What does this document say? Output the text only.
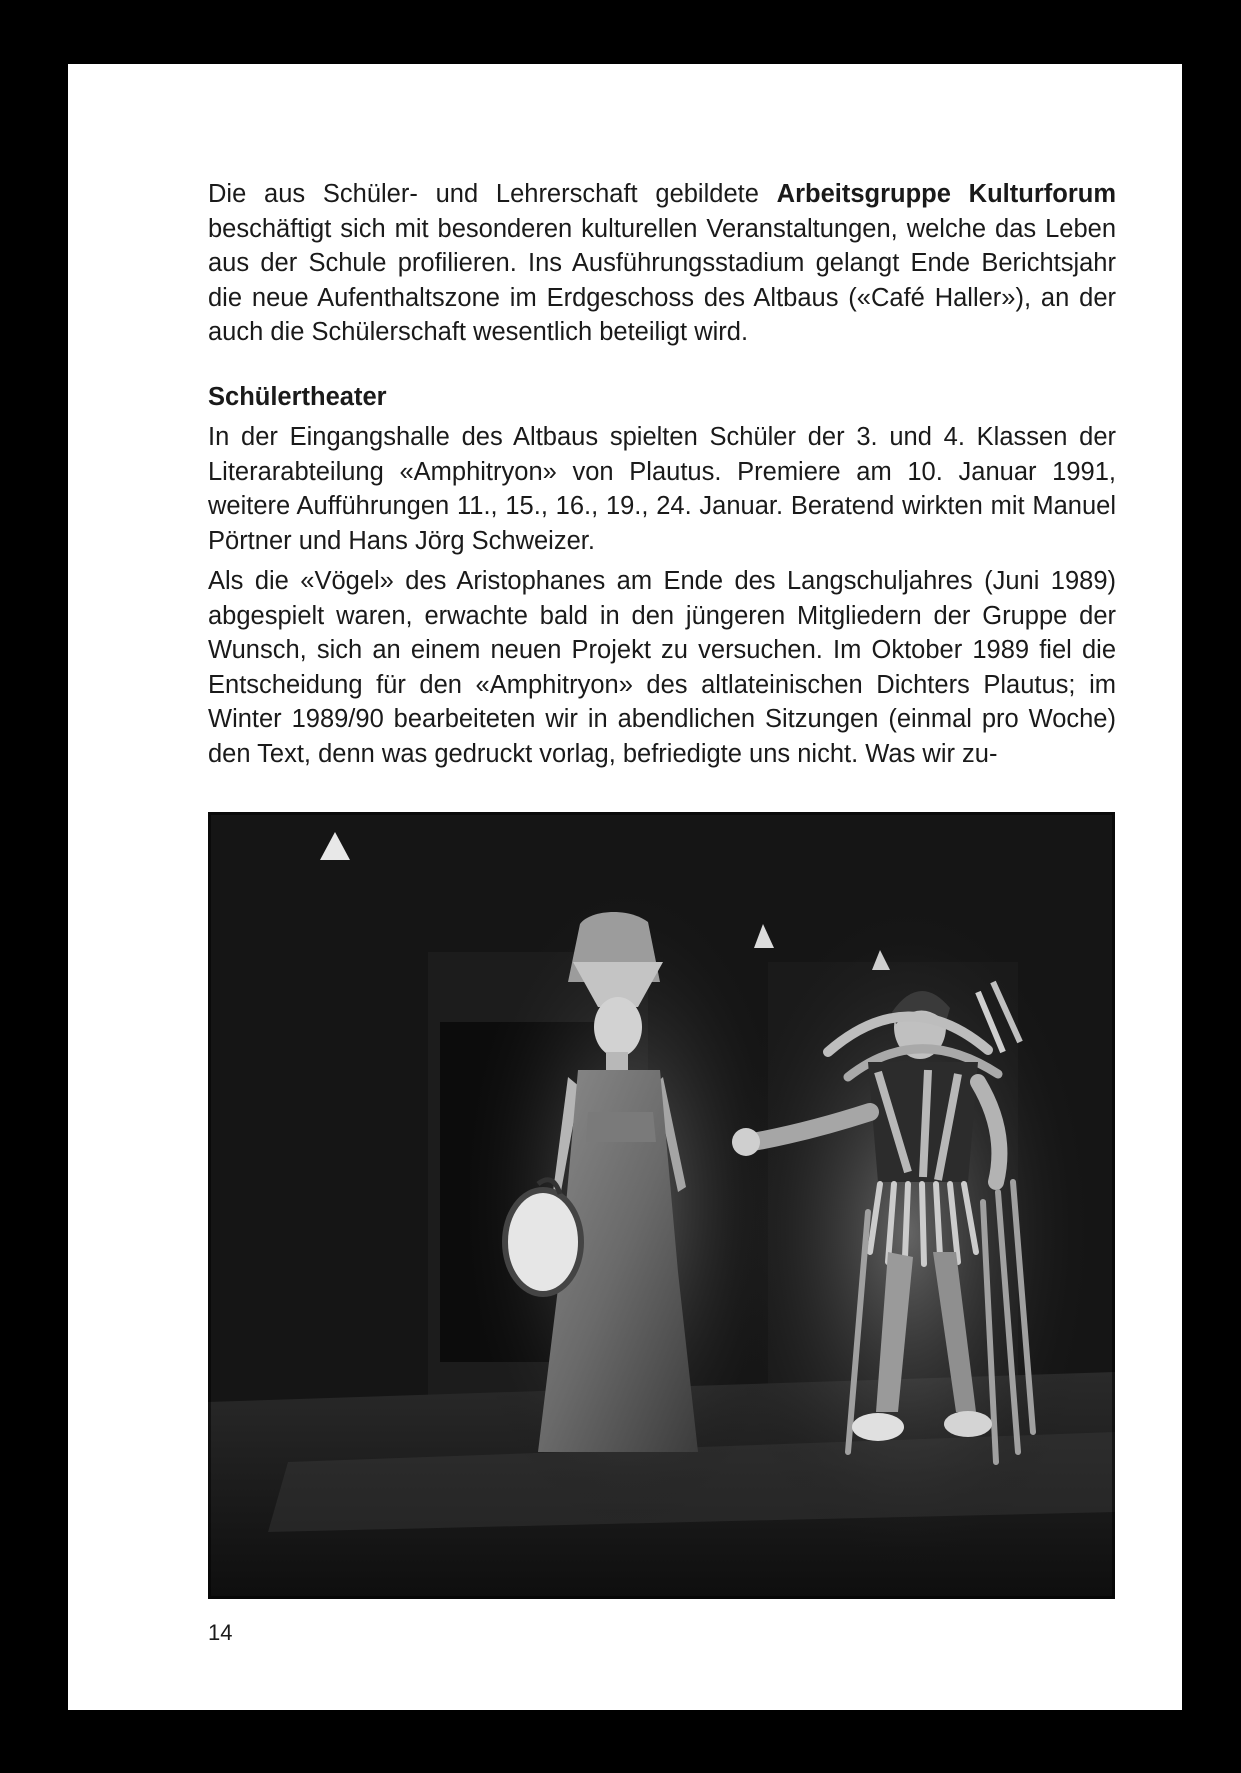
Die aus Schüler- und Lehrerschaft gebildete Arbeitsgruppe Kulturforum beschäftigt sich mit besonderen kulturellen Veranstaltungen, welche das Leben aus der Schule profilieren. Ins Ausführungsstadium gelangt Ende Berichtsjahr die neue Aufenthaltszone im Erdgeschoss des Altbaus («Café Haller»), an der auch die Schülerschaft wesentlich beteiligt wird.

Schülertheater

In der Eingangshalle des Altbaus spielten Schüler der 3. und 4. Klassen der Literarabteilung «Amphitryon» von Plautus. Premiere am 10. Januar 1991, weitere Aufführungen 11., 15., 16., 19., 24. Januar. Beratend wirkten mit Manuel Pörtner und Hans Jörg Schweizer.

Als die «Vögel» des Aristophanes am Ende des Langschuljahres (Juni 1989) abgespielt waren, erwachte bald in den jüngeren Mitgliedern der Gruppe der Wunsch, sich an einem neuen Projekt zu versuchen. Im Oktober 1989 fiel die Entscheidung für den «Amphitryon» des altlateinischen Dichters Plautus; im Winter 1989/90 bearbeiteten wir in abendlichen Sitzungen (einmal pro Woche) den Text, denn was gedruckt vorlag, befriedigte uns nicht. Was wir zu-

14
